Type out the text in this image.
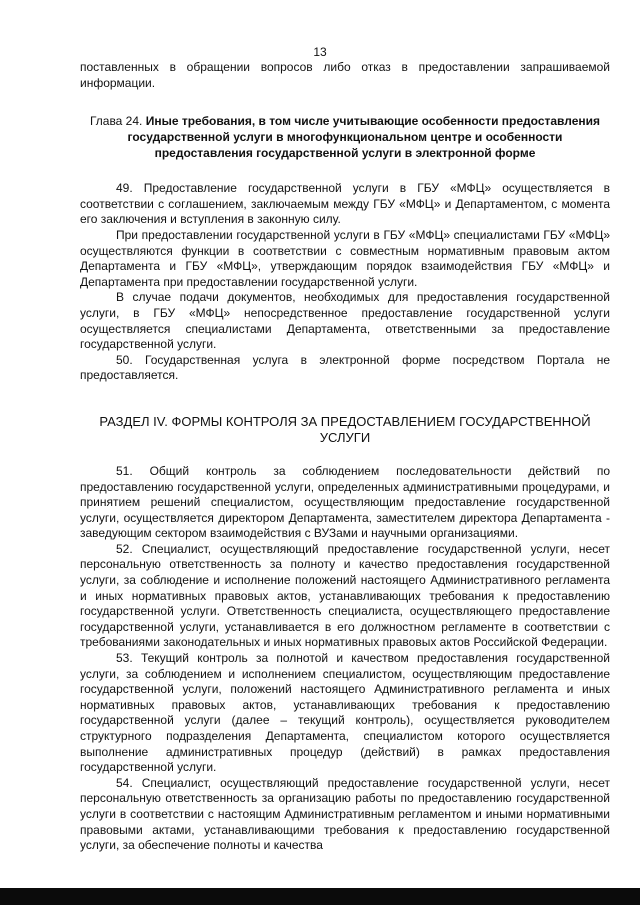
13

поставленных в обращении вопросов либо отказ в предоставлении запрашиваемой информации.

Глава 24. Иные требования, в том числе учитывающие особенности предоставления государственной услуги в многофункциональном центре и особенности предоставления государственной услуги в электронной форме

49. Предоставление государственной услуги в ГБУ «МФЦ» осуществляется в соответствии с соглашением, заключаемым между ГБУ «МФЦ» и Департаментом, с момента его заключения и вступления в законную силу.

При предоставлении государственной услуги в ГБУ «МФЦ» специалистами ГБУ «МФЦ» осуществляются функции в соответствии с совместным нормативным правовым актом Департамента и ГБУ «МФЦ», утверждающим порядок взаимодействия ГБУ «МФЦ» и Департамента при предоставлении государственной услуги.

В случае подачи документов, необходимых для предоставления государственной услуги, в ГБУ «МФЦ» непосредственное предоставление государственной услуги осуществляется специалистами Департамента, ответственными за предоставление государственной услуги.

50. Государственная услуга в электронной форме посредством Портала не предоставляется.

РАЗДЕЛ IV. ФОРМЫ КОНТРОЛЯ ЗА ПРЕДОСТАВЛЕНИЕМ ГОСУДАРСТВЕННОЙ УСЛУГИ

51. Общий контроль за соблюдением последовательности действий по предоставлению государственной услуги, определенных административными процедурами, и принятием решений специалистом, осуществляющим предоставление государственной услуги, осуществляется директором Департамента, заместителем директора Департамента - заведующим сектором взаимодействия с ВУЗами и научными организациями.

52. Специалист, осуществляющий предоставление государственной услуги, несет персональную ответственность за полноту и качество предоставления государственной услуги, за соблюдение и исполнение положений настоящего Административного регламента и иных нормативных правовых актов, устанавливающих требования к предоставлению государственной услуги. Ответственность специалиста, осуществляющего предоставление государственной услуги, устанавливается в его должностном регламенте в соответствии с требованиями законодательных и иных нормативных правовых актов Российской Федерации.

53. Текущий контроль за полнотой и качеством предоставления государственной услуги, за соблюдением и исполнением специалистом, осуществляющим предоставление государственной услуги, положений настоящего Административного регламента и иных нормативных правовых актов, устанавливающих требования к предоставлению государственной услуги (далее – текущий контроль), осуществляется руководителем структурного подразделения Департамента, специалистом которого осуществляется выполнение административных процедур (действий) в рамках предоставления государственной услуги.

54. Специалист, осуществляющий предоставление государственной услуги, несет персональную ответственность за организацию работы по предоставлению государственной услуги в соответствии с настоящим Административным регламентом и иными нормативными правовыми актами, устанавливающими требования к предоставлению государственной услуги, за обеспечение полноты и качества
